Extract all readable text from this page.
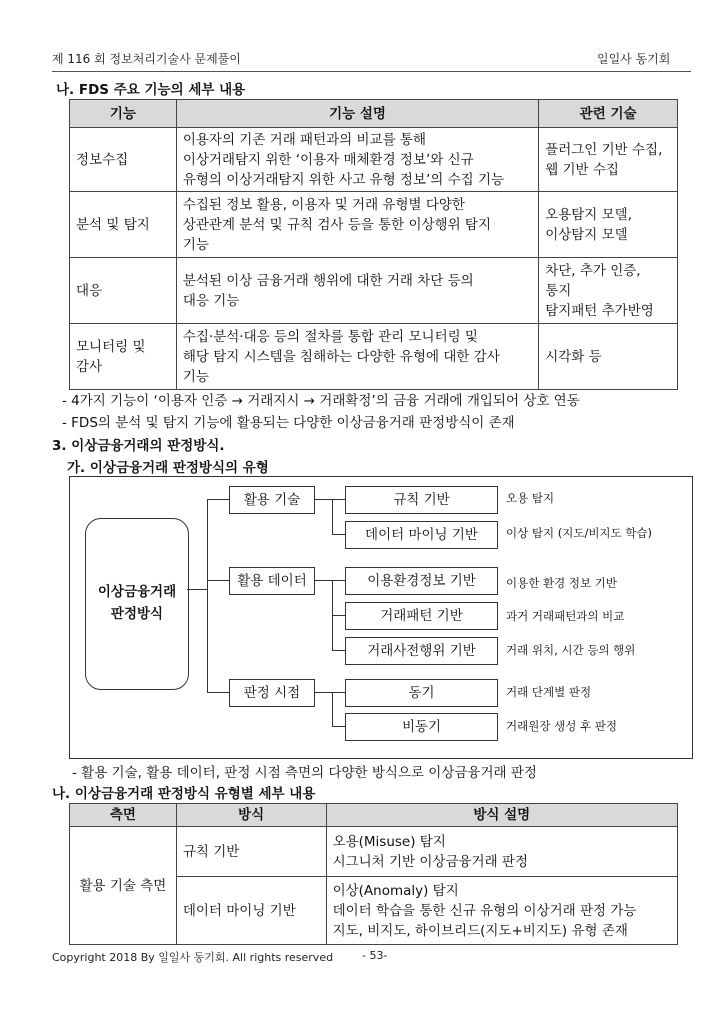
제 116 회 정보처리기술사 문제풀이	일일사 동기회
나. FDS 주요 기능의 세부 내용
기능	기능 설명	관련 기술

정보수집	이용자의 기존 거래 패턴과의 비교를 통해
이상거래탐지 위한 ‘이용자 매체환경 정보’와 신규
유형의 이상거래탐지 위한 사고 유형 정보’의 수집 기능	플러그인 기반 수집,
웹 기반 수집

분석 및 탐지	수집된 정보 활용, 이용자 및 거래 유형별 다양한
상관관계 분석 및 규칙 검사 등을 통한 이상행위 탐지
기능	오용탐지 모델,
이상탐지 모델

대응	분석된 이상 금융거래 행위에 대한 거래 차단 등의
대응 기능	차단, 추가 인증,
통지
탐지패턴 추가반영

모니터링 및
감사	수집·분석·대응 등의 절차를 통합 관리 모니터링 및
해당 탐지 시스템을 침해하는 다양한 유형에 대한 감사
기능	시각화 등
- 4가지 기능이 ‘이용자 인증 → 거래지시 → 거래확정’의 금융 거래에 개입되어 상호 연동
- FDS의 분석 및 탐지 기능에 활용되는 다양한 이상금융거래 판정방식이 존재
3. 이상금융거래의 판정방식.
가. 이상금융거래 판정방식의 유형
이상금융거래
판정방식
활용 기술
활용 데이터
판정 시점
규칙 기반
데이터 마이닝 기반
이용환경정보 기반
거래패턴 기반
거래사전행위 기반
동기
비동기
오용 탐지
이상 탐지 (지도/비지도 학습)
이용한 환경 정보 기반
과거 거래패턴과의 비교
거래 위치, 시간 등의 행위
거래 단계별 판정
거래원장 생성 후 판정
- 활용 기술, 활용 데이터, 판정 시점 측면의 다양한 방식으로 이상금융거래 판정
나. 이상금융거래 판정방식 유형별 세부 내용
측면	방식	방식 설명
활용 기술 측면	규칙 기반	오용(Misuse) 탐지
시그니처 기반 이상금융거래 판정

	데이터 마이닝 기반	이상(Anomaly) 탐지
데이터 학습을 통한 신규 유형의 이상거래 판정 가능
지도, 비지도, 하이브리드(지도+비지도) 유형 존재
Copyright 2018 By 일일사 동기회. All rights reserved	- 53-
